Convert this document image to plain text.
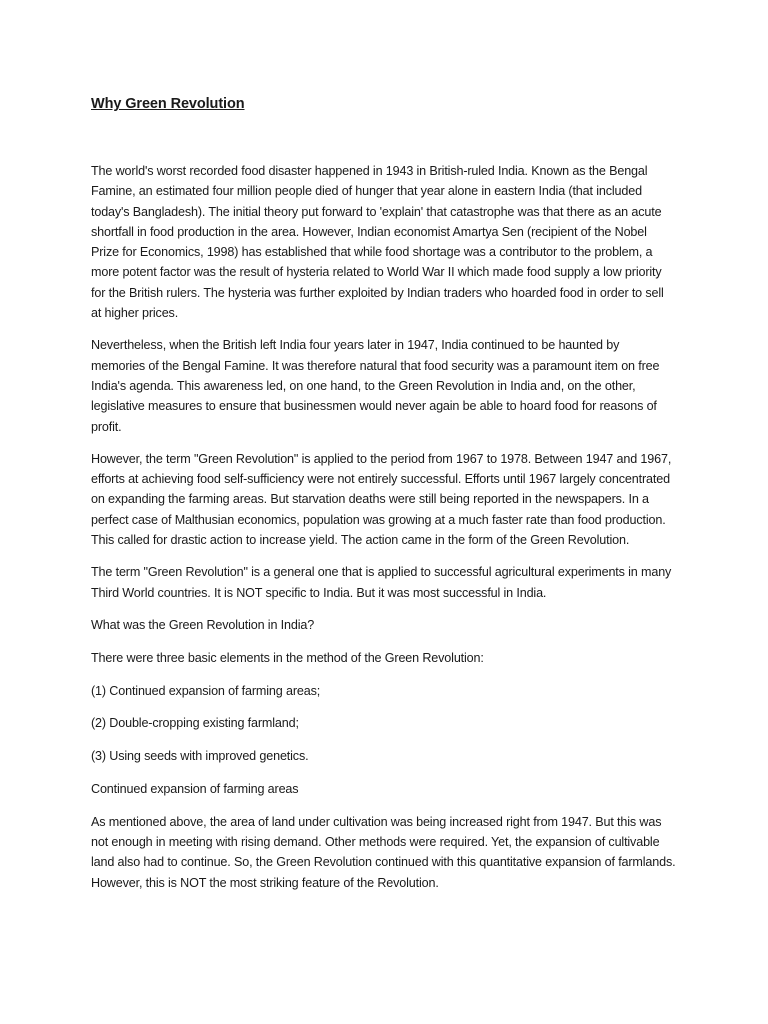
Why Green Revolution

The world's worst recorded food disaster happened in 1943 in British-ruled India. Known as the Bengal Famine, an estimated four million people died of hunger that year alone in eastern India (that included today's Bangladesh). The initial theory put forward to 'explain' that catastrophe was that there as an acute shortfall in food production in the area. However, Indian economist Amartya Sen (recipient of the Nobel Prize for Economics, 1998) has established that while food shortage was a contributor to the problem, a more potent factor was the result of hysteria related to World War II which made food supply a low priority for the British rulers. The hysteria was further exploited by Indian traders who hoarded food in order to sell at higher prices.

Nevertheless, when the British left India four years later in 1947, India continued to be haunted by memories of the Bengal Famine. It was therefore natural that food security was a paramount item on free India's agenda. This awareness led, on one hand, to the Green Revolution in India and, on the other, legislative measures to ensure that businessmen would never again be able to hoard food for reasons of profit.

However, the term "Green Revolution" is applied to the period from 1967 to 1978. Between 1947 and 1967, efforts at achieving food self-sufficiency were not entirely successful. Efforts until 1967 largely concentrated on expanding the farming areas. But starvation deaths were still being reported in the newspapers. In a perfect case of Malthusian economics, population was growing at a much faster rate than food production. This called for drastic action to increase yield. The action came in the form of the Green Revolution.

The term "Green Revolution" is a general one that is applied to successful agricultural experiments in many Third World countries. It is NOT specific to India. But it was most successful in India.

What was the Green Revolution in India?

There were three basic elements in the method of the Green Revolution:

(1) Continued expansion of farming areas;

(2) Double-cropping existing farmland;

(3) Using seeds with improved genetics.

Continued expansion of farming areas

As mentioned above, the area of land under cultivation was being increased right from 1947. But this was not enough in meeting with rising demand. Other methods were required. Yet, the expansion of cultivable land also had to continue. So, the Green Revolution continued with this quantitative expansion of farmlands. However, this is NOT the most striking feature of the Revolution.
